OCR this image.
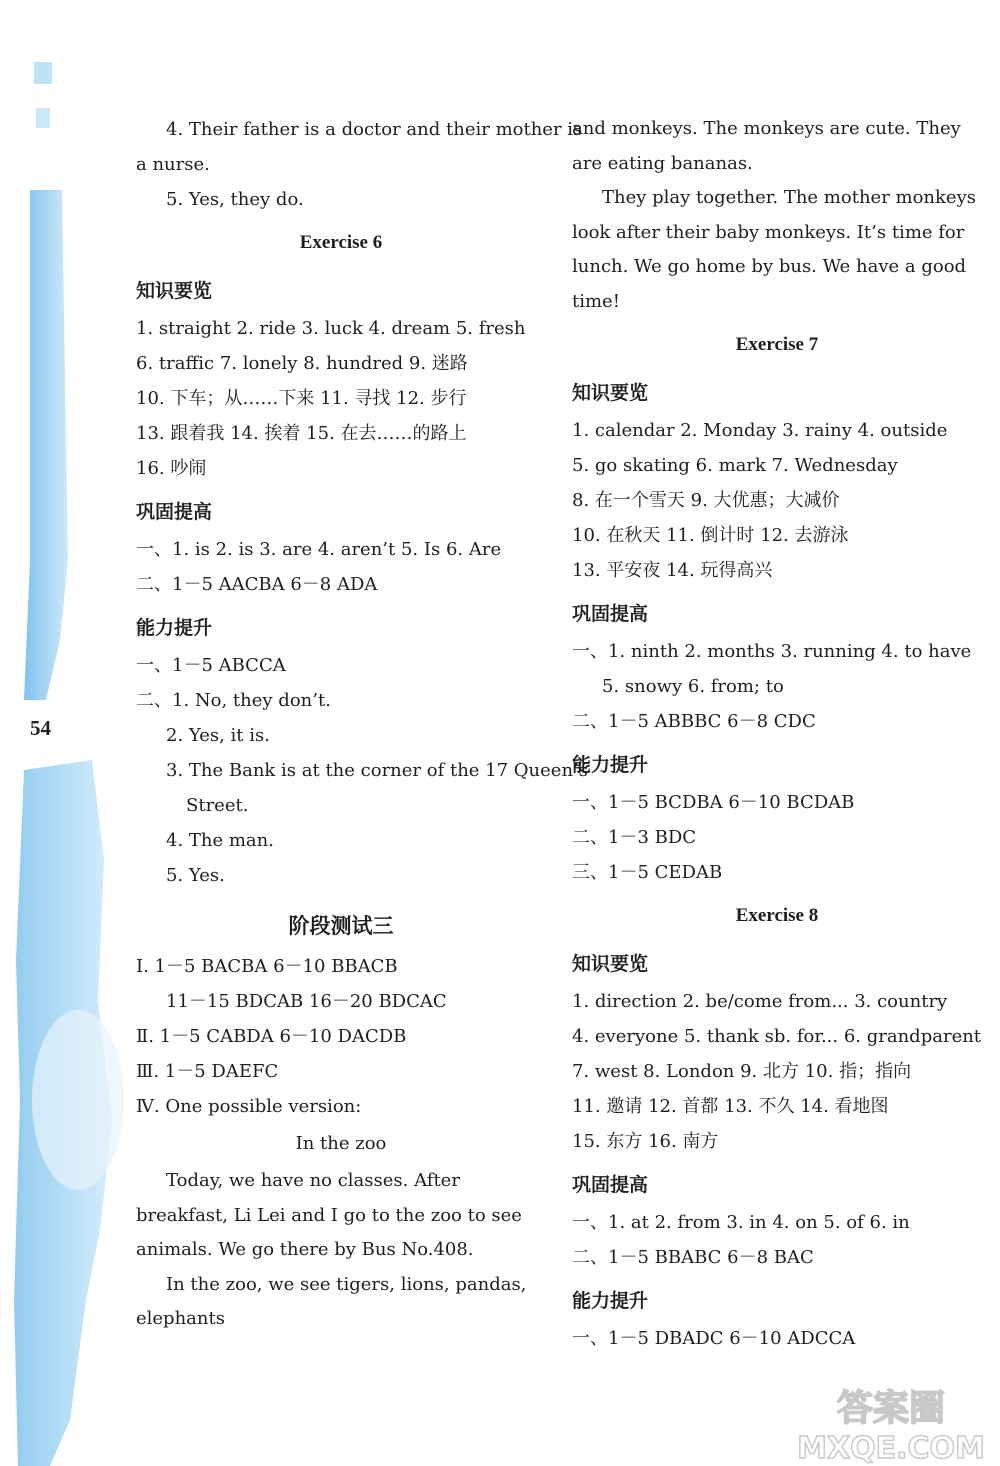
54
4. Their father is a doctor and their mother is
a nurse.
5. Yes, they do.
Exercise 6
知识要览
1. straight 2. ride 3. luck 4. dream 5. fresh
6. traffic 7. lonely 8. hundred 9. 迷路
10. 下车；从……下来 11. 寻找 12. 步行
13. 跟着我 14. 挨着 15. 在去……的路上
16. 吵闹
巩固提高
一、1. is 2. is 3. are 4. aren’t 5. Is 6. Are
二、1－5 AACBA 6－8 ADA
能力提升
一、1－5 ABCCA
二、1. No, they don’t.
2. Yes, it is.
3. The Bank is at the corner of the 17 Queen’s
Street.
4. The man.
5. Yes.
阶段测试三
Ⅰ. 1－5 BACBA 6－10 BBACB
11－15 BDCAB 16－20 BDCAC
Ⅱ. 1－5 CABDA 6－10 DACDB
Ⅲ. 1－5 DAEFC
Ⅳ. One possible version:
In the zoo
Today, we have no classes. After breakfast, Li Lei and I go to the zoo to see animals. We go there by Bus No.408.
In the zoo, we see tigers, lions, pandas, elephants
and monkeys. The monkeys are cute. They are eating bananas.
They play together. The mother monkeys look after their baby monkeys. It’s time for lunch. We go home by bus. We have a good time!
Exercise 7
知识要览
1. calendar 2. Monday 3. rainy 4. outside
5. go skating 6. mark 7. Wednesday
8. 在一个雪天 9. 大优惠；大减价
10. 在秋天 11. 倒计时 12. 去游泳
13. 平安夜 14. 玩得高兴
巩固提高
一、1. ninth 2. months 3. running 4. to have
5. snowy 6. from; to
二、1－5 ABBBC 6－8 CDC
能力提升
一、1－5 BCDBA 6－10 BCDAB
二、1－3 BDC
三、1－5 CEDAB
Exercise 8
知识要览
1. direction 2. be/come from... 3. country
4. everyone 5. thank sb. for... 6. grandparent
7. west 8. London 9. 北方 10. 指；指向
11. 邀请 12. 首都 13. 不久 14. 看地图
15. 东方 16. 南方
巩固提高
一、1. at 2. from 3. in 4. on 5. of 6. in
二、1－5 BBABC 6－8 BAC
能力提升
一、1－5 DBADC 6－10 ADCCA
答案圈
MXQE.COM
